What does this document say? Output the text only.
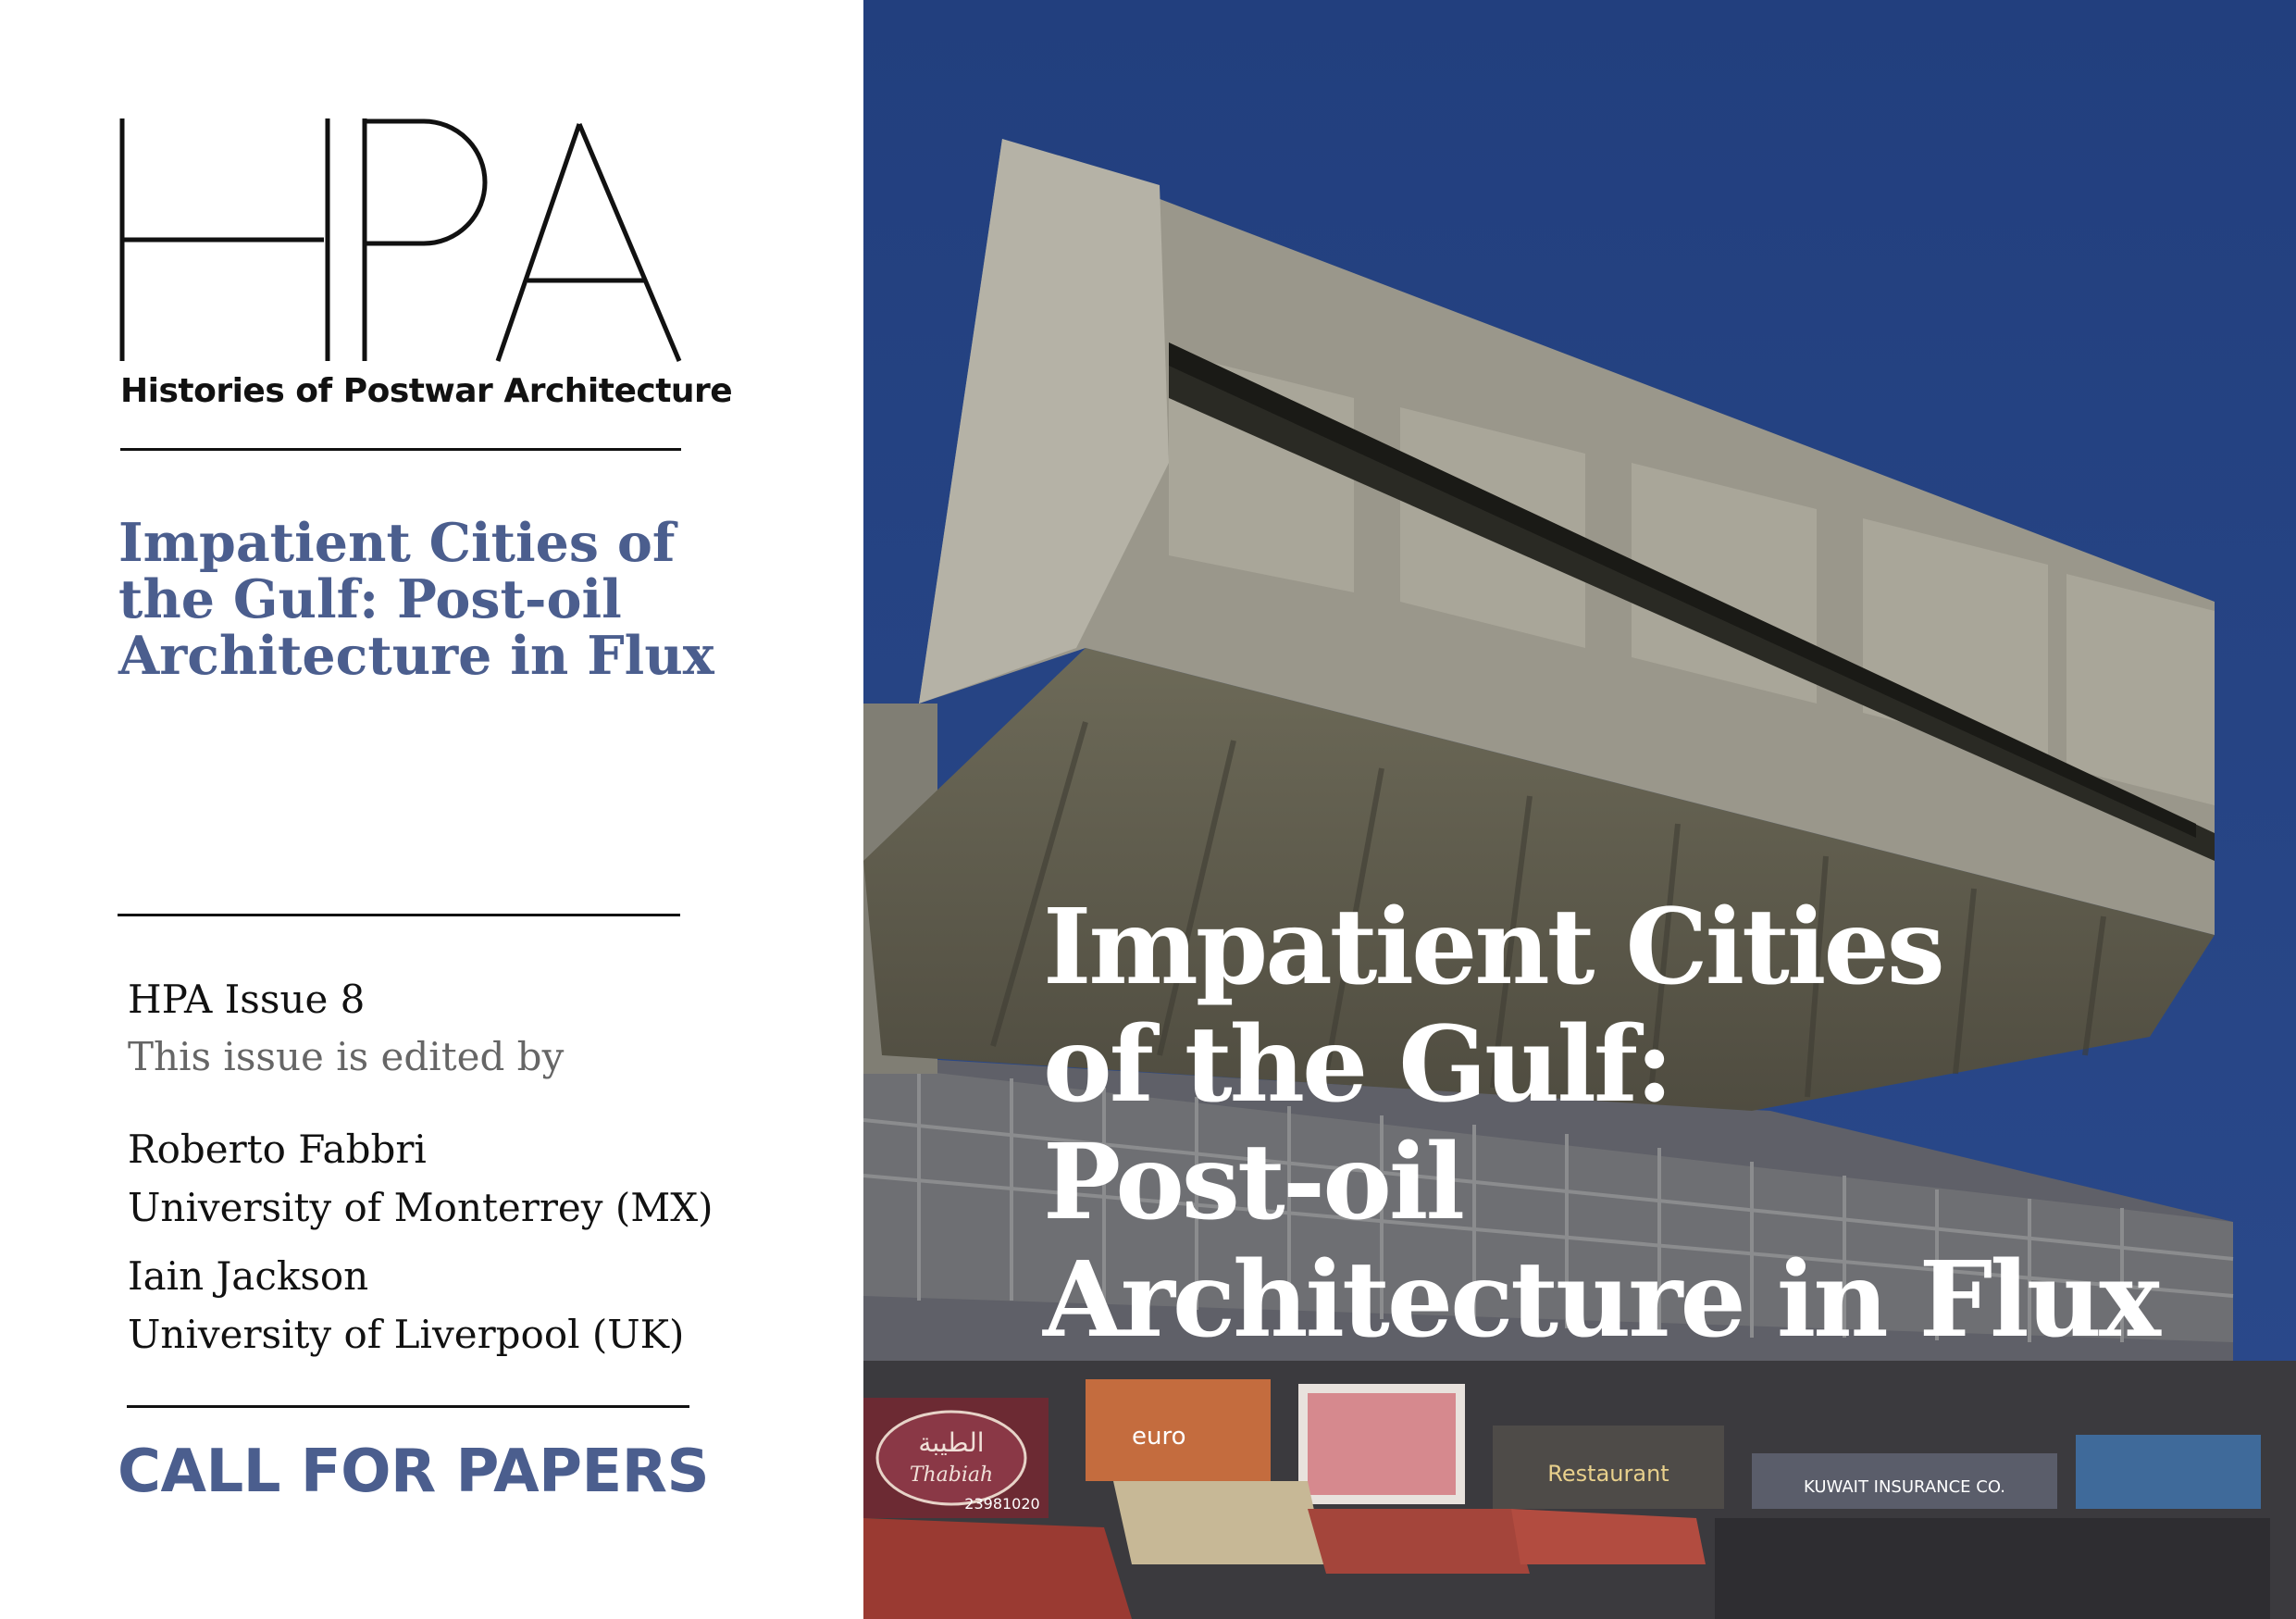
Histories of Postwar Architecture
Impatient Cities of
the Gulf: Post-oil
Architecture in Flux
HPA Issue 8
This issue is edited by
Roberto Fabbri
University of Monterrey (MX)
Iain Jackson
University of Liverpool (UK)
CALL FOR PAPERS	الطيبة
Thabiah
23981020
euro
Restaurant
KUWAIT INSURANCE CO.
Impatient Cities
of the Gulf:
Post-oil
Architecture in Flux
